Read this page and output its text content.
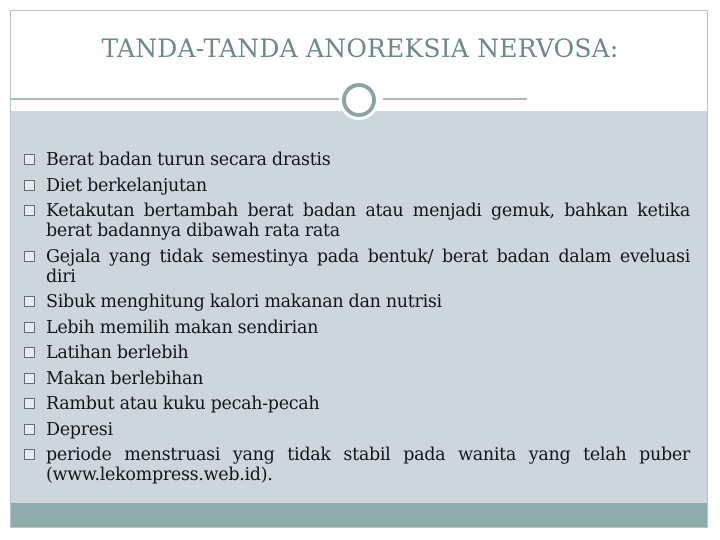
TANDA-TANDA ANOREKSIA NERVOSA:
Berat badan turun secara drastis
Diet berkelanjutan
Ketakutan bertambah berat badan atau menjadi gemuk, bahkan ketika berat badannya dibawah rata rata
Gejala yang tidak semestinya pada bentuk/ berat badan dalam eveluasi diri
Sibuk menghitung kalori makanan dan nutrisi
Lebih memilih makan sendirian
Latihan berlebih
Makan berlebihan
Rambut atau kuku pecah-pecah
Depresi
periode menstruasi yang tidak stabil pada wanita yang telah puber (www.lekompress.web.id).
